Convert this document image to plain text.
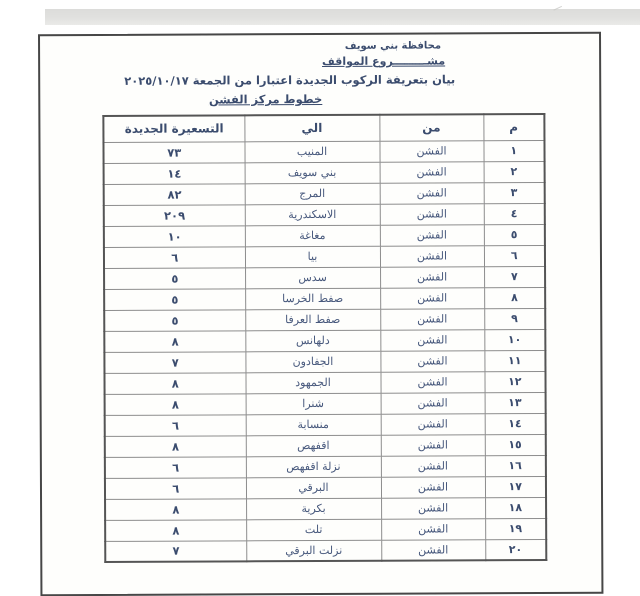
محافظة بني سويف
مشـــــــــروع المواقف
بيان بتعريفة الركوب الجديدة اعتبارا من الجمعة ٢٠٢٥/١٠/١٧
خطوط مركز الفشن
م	من	الي	التسعيرة الجديدة
١	الفشن	المنيب	٧٣
٢	الفشن	بني سويف	١٤
٣	الفشن	المرج	٨٢
٤	الفشن	الاسكندرية	٢٠٩
٥	الفشن	مغاغة	١٠
٦	الفشن	بيا	٦
٧	الفشن	سدس	٥
٨	الفشن	صفط الخرسا	٥
٩	الفشن	صفط العرفا	٥
١٠	الفشن	دلهانس	٨
١١	الفشن	الجفادون	٧
١٢	الفشن	الجمهود	٨
١٣	الفشن	شنرا	٨
١٤	الفشن	منسابة	٦
١٥	الفشن	اقفهص	٨
١٦	الفشن	نزلة اقفهص	٦
١٧	الفشن	البرقي	٦
١٨	الفشن	بكرية	٨
١٩	الفشن	تلت	٨
٢٠	الفشن	نزلت البرقي	٧
